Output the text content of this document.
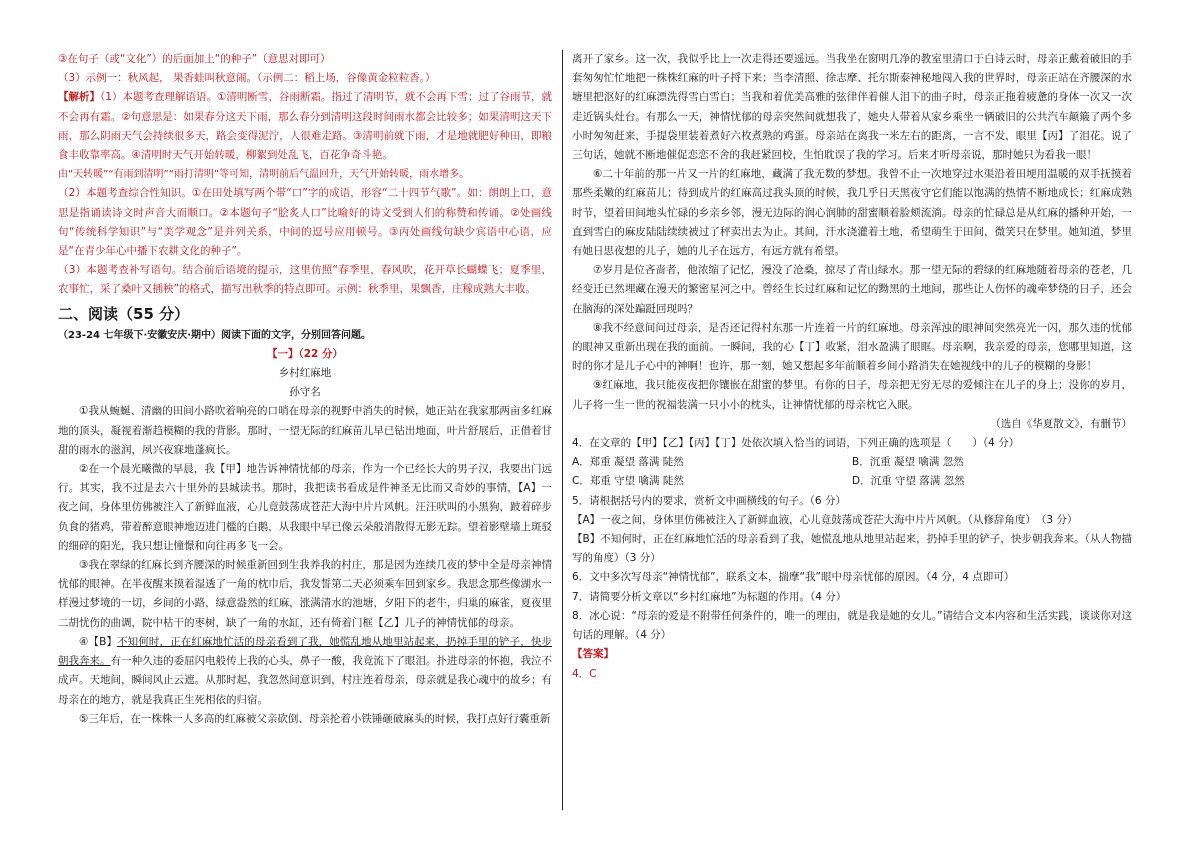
③在句子（或“文化”）的后面加上“的种子”（意思对即可）

（3）示例一：秋风起， 果香蛙叫秋意闹。（示例二：稻上场，谷像黄金粒粒香。）

【解析】（1）本题考查理解语语。①清明断雪，谷雨断霜。指过了清明节，就不会再下雪；过了谷雨节，就不会再有霜。②句意思是：如果春分这天下雨，那么春分到清明这段时间雨水都会比较多；如果清明这天下雨，那么阴雨天气会持续很多天，路会变得泥泞，人很难走路。③清明前就下雨，才是地就肥好种田，即粮食丰收靠率高。④清明时天气开始转暖，柳絮到处乱飞，百花争奇斗艳。

由“天转暖”“有雨到清明”“雨打清明”等可知，清明前后气温回升，天气开始转暖，雨水增多。

（2）本题考查综合性知识。①在田处填写两个带“口”字的成语，形容“二十四节气歌”。如：朗朗上口，意思是指诵读诗文时声音大而顺口。②本题句子“脍炙人口”比喻好的诗文受到人们的称赞和传诵。②处画线句“传统科学知识”与“美学观念”是并列关系，中间的逗号应用顿号。③丙处画线句缺少宾语中心语，应是“在青少年心中播下农耕文化的种子”。

（3）本题考查补写语句。结合前后语境的提示，这里仿照“春季里，春风吹，花开草长蝴蝶飞；夏季里，农事忙，采了桑叶又插秧”的格式，描写出秋季的特点即可。示例：秋季里，果飘香，庄稼成熟大丰收。

二、阅读（55 分）

（23-24 七年级下·安徽安庆·期中）阅读下面的文字，分别回答问题。

【一】（22 分）

乡村红麻地

孙守名

①我从蜿蜒、清幽的田间小路吹着响亮的口哨在母亲的视野中消失的时候，她正站在我家那两亩多红麻地的顶头，凝视着渐趋模糊的我的背影。那时，一望无际的红麻苗儿早已钻出地面，叶片舒展后，正借着甘甜的雨水的滋润，夙兴夜寐地蓬疯长。

②在一个晨光曦微的早晨，我【甲】地告诉神情忧郁的母亲，作为一个已经长大的男子汉，我要出门远行。其实，我不过是去六十里外的县城读书。那时，我把读书看成是件神圣无比而又奇妙的事情，【A】一夜之间，身体里仿佛被注入了新鲜血液，心儿竟鼓荡成苍茫大海中片片风帆。汪汪吠叫的小黑狗，跛着碎步负食的猪鸡，带着醉意眼神地迈进门槛的白鹅，从我眼中早已像云朵般消散得无影无踪。望着影壁墙上斑驳的细碎的阳光，我只想让憧憬和向往再多飞一会。

③我在翠绿的红麻长到齐腰深的时候重新回到生我养我的村庄，那是因为连续几夜的梦中全是母亲神情忧郁的眼神。在半夜醒来摸着湿透了一角的枕巾后，我发誓第二天必须乘车回到家乡。我思念那些像湖水一样漫过梦境的一切，乡间的小路，绿意盎然的红麻，涨满清水的池塘，夕阳下的老牛，归巢的麻雀，夏夜里二胡忧伤的曲调，院中枯干的枣树，缺了一角的水缸，还有倚着门框【乙】儿子的神情忧郁的母亲。

④【B】不知何时，正在红麻地忙活的母亲看到了我，她慌乱地从地里站起来，扔掉手里的铲子，快步朝我奔来。有一种久违的委屈闪电般传上我的心头，鼻子一酸，我竟流下了眼泪。扑进母亲的怀抱，我泣不成声。天地间，瞬间风止云遮。从那时起，我忽然间意识到，村庄连着母亲，母亲就是我心魂中的故乡；有母亲在的地方，就是我真正生死相依的归宿。

⑤三年后，在一株株一人多高的红麻被父亲砍倒、母亲抡着小铁锤砸破麻头的时候，我打点好行囊重新

离开了家乡。这一次，我似乎比上一次走得还要遥远。当我坐在窗明几净的教室里清口于白诗云时，母亲正戴着破旧的手套匆匆忙忙地把一株株红麻的叶子捋下来；当李清照、徐志摩、托尔斯泰神秘地闯入我的世界时，母亲正站在齐腰深的水塘里把沤好的红麻漂洗得雪白雪白；当我和着优美高雅的弦律伴着催人泪下的曲子时，母亲正拖着疲惫的身体一次又一次走近锅头灶台。有那么一天，神情忧郁的母亲突然间就想我了，她央人带着从家乡乘坐一辆破旧的公共汽车颠簸了两个多小时匆匆赶来，手提袋里装着煮好六枚煮熟的鸡蛋。母亲站在离我一米左右的距离，一言不发，眼里【丙】了泪花。说了三句话，她就不断地催促恋恋不舍的我赶紧回校，生怕耽误了我的学习。后来才听母亲说，那时她只为看我一眼！

⑥二十年前的那一片又一片的红麻地，藏满了我无数的梦想。我曾不止一次地穿过水渠沿着田埂用温暖的双手抚摸着那些柔嫩的红麻苗儿；待到成片的红麻高过我头顶的时候，我几乎日天黑夜守它们能以饱满的热情不断地成长；红麻成熟时节，望着田间地头忙碌的乡亲乡邻，漫无边际的润心润肺的甜蜜顺着脸颊流淌。母亲的忙碌总是从红麻的播种开始，一直到雪白的麻皮陆陆续续被过了秤卖出去为止。其间，汗水浇灌着土地，希望萌生于田间，微笑只在梦里。她知道，梦里有她日思夜想的儿子，她的儿子在远方，有远方就有希望。

⑦岁月是位吝啬者，他浓缩了记忆，漫没了沧桑，掠尽了青山绿水。那一望无际的碧绿的红麻地随着母亲的苍老，几经变迁已然埋藏在漫天的繁密星河之中。曾经生长过红麻和记忆的黝黑的土地间，那些让人伤怀的魂牵梦绕的日子，还会在脑海的深处蹁跹回现吗？

⑧我不经意间问过母亲，是否还记得村东那一片连着一片的红麻地。母亲浑浊的眼神间突然亮光一闪，那久违的忧郁的眼神又重新出现在我的面前。一瞬间，我的心【丁】收紧，泪水盈满了眼眶。母亲啊，我亲爱的母亲，您哪里知道，这时的你才是儿子心中的神啊！也许，那一刻，她又想起多年前顺着乡间小路消失在她视线中的儿子的模糊的身影！

⑨红麻地，我只能夜夜把你镶嵌在甜蜜的梦里。有你的日子，母亲把无穷无尽的爱倾注在儿子的身上；没你的岁月，儿子将一生一世的祝福装满一只小小的枕头，让神情忧郁的母亲枕它入眠。

（选自《华夏散文》，有删节）

4．在文章的【甲】【乙】【丙】【丁】处依次填入恰当的词语，下列正确的选项是（　　）（4 分）

A．郑重 凝望 落满 陡然	B．沉重 凝望 噙满 忽然

C．郑重 守望 噙满 陡然	D．沉重 守望 落满 忽然

5．请根据括号内的要求，赏析文中画横线的句子。（6 分）

【A】一夜之间，身体里仿佛被注入了新鲜血液，心儿竟鼓荡成苍茫大海中片片风帆。（从修辞角度）　（3 分）

【B】不知何时，正在红麻地忙活的母亲看到了我，她慌乱地从地里站起来，扔掉手里的铲子，快步朝我奔来。（从人物描写的角度）（3 分）

6．文中多次写母亲“神情忧郁”，联系文本，揣摩“我”眼中母亲忧郁的原因。（4 分，4 点即可）

7．请简要分析文章以“乡村红麻地”为标题的作用。（4 分）

8．冰心说：“母亲的爱是不附带任何条件的，唯一的理由，就是我是她的女儿。”请结合文本内容和生活实践，谈谈你对这句话的理解。（4 分）

【答案】

4．C
